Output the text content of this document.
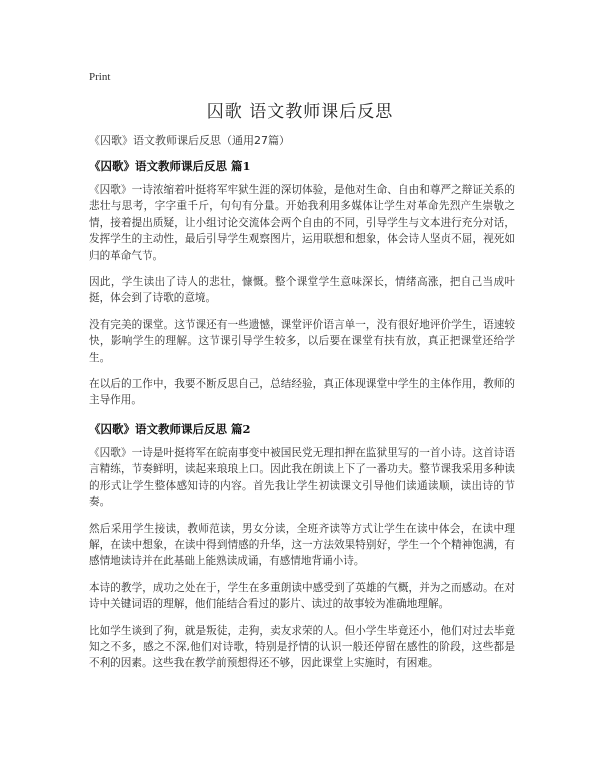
Print
囚歌 语文教师课后反思
《囚歌》语文教师课后反思（通用27篇）
《囚歌》语文教师课后反思 篇1

《囚歌》一诗浓缩着叶挺将军牢狱生涯的深切体验，是他对生命、自由和尊严之辩证关系的悲壮与思考，字字重千斤，句句有分量。开始我利用多媒体让学生对革命先烈产生崇敬之情，接着提出质疑，让小组讨论交流体会两个自由的不同，引导学生与文本进行充分对话，发挥学生的主动性，最后引导学生观察图片，运用联想和想象，体会诗人坚贞不屈，视死如归的革命气节。

因此，学生读出了诗人的悲壮，慷慨。整个课堂学生意味深长，情绪高涨，把自己当成叶挺，体会到了诗歌的意境。

没有完美的课堂。这节课还有一些遗憾，课堂评价语言单一，没有很好地评价学生，语速较快，影响学生的理解。这节课引导学生较多，以后要在课堂有扶有放，真正把课堂还给学生。

在以后的工作中，我要不断反思自己，总结经验，真正体现课堂中学生的主体作用，教师的主导作用。

《囚歌》语文教师课后反思 篇2

《囚歌》一诗是叶挺将军在皖南事变中被国民党无理扣押在监狱里写的一首小诗。这首诗语言精练，节奏鲜明，读起来琅琅上口。因此我在朗读上下了一番功夫。整节课我采用多种读的形式让学生整体感知诗的内容。首先我让学生初读课文引导他们读通读顺，读出诗的节奏。

然后采用学生接读，教师范读，男女分读，全班齐读等方式让学生在读中体会，在读中理解，在读中想象，在读中得到情感的升华，这一方法效果特别好，学生一个个精神饱满，有感情地读诗并在此基础上能熟读成诵，有感情地背诵小诗。

本诗的教学，成功之处在于，学生在多重朗读中感受到了英雄的气概，并为之而感动。在对诗中关键词语的理解，他们能结合看过的影片、读过的故事较为准确地理解。

比如学生谈到了狗，就是叛徒，走狗，卖友求荣的人。但小学生毕竟还小，他们对过去毕竟知之不多，感之不深,他们对诗歌，特别是抒情的认识一般还停留在感性的阶段，这些都是不利的因素。这些我在教学前预想得还不够，因此课堂上实施时，有困难。
